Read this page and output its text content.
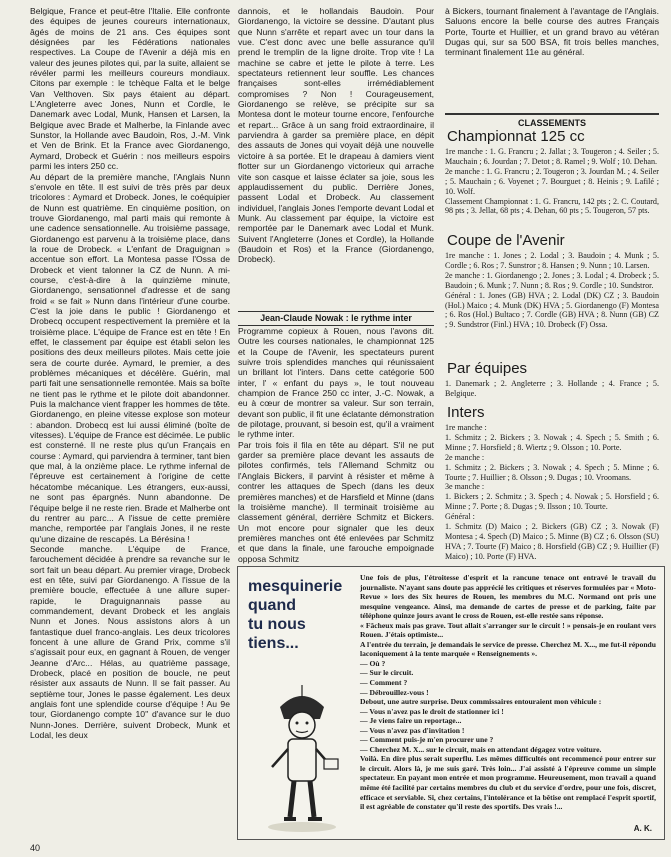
Belgique, France et peut-être l'Italie. Elle confronte des équipes de jeunes coureurs internationaux, âgés de moins de 21 ans. Ces équipes sont désignées par les Fédérations nationales respectives. La Coupe de l'Avenir a déjà mis en valeur des jeunes pilotes qui, par la suite, allaient se révéler parmi les meilleurs coureurs mondiaux. Citons par exemple : le tchèque Falta et le belge Van Velthoven. Six pays étaient au départ. L'Angleterre avec Jones, Nunn et Cordle, le Danemark avec Lodal, Munk, Hansen et Larsen, la Belgique avec Brade et Malherbe, la Finlande avec Sunstor, la Hollande avec Baudoin, Ros, J.-M. Vink et Ven de Brink. Et la France avec Giordanengo, Aymard, Drobeck et Guérin : nos meilleurs espoirs parmi les inters 250 cc.
Au départ de la première manche, l'Anglais Nunn s'envole en tête. Il est suivi de très près par deux tricolores : Aymard et Drobeck. Jones, le coéquipier de Nunn est quatrième. En cinquième position, on trouve Giordanengo, mal parti mais qui remonte à une cadence sensationnelle. Au troisième passage, Giordanengo est parvenu à la troisième place, dans la roue de Drobeck. « L'enfant de Draguignan » accentue son effort. La Montesa passe l'Ossa de Drobeck et vient talonner la CZ de Nunn. A mi-course, c'est-à-dire à la quinzième minute, Giordanengo, sensationnel d'adresse et de sang froid « se fait » Nunn dans l'intérieur d'une courbe. C'est la joie dans le public ! Giordanengo et Drobecq occupent respectivement la première et la troisième place. L'équipe de France est en tête ! En effet, le classement par équipe est établi selon les positions des deux meilleurs pilotes. Mais cette joie sera de courte durée. Aymard, le premier, a des problèmes mécaniques et décélère. Guérin, mal parti fait une sensationnelle remontée. Mais sa boîte ne tient pas le rythme et le pilote doit abandonner. Puis la malchance vient frapper les hommes de tête. Giordanengo, en pleine vitesse explose son moteur : abandon. Drobecq est lui aussi éliminé (boîte de vitesses). L'équipe de France est décimée. Le public est consterné. Il ne reste plus qu'un Français en course : Aymard, qui parviendra à terminer, tant bien que mal, à la onzième place. Le rythme infernal de l'épreuve est certainement à l'origine de cette hécatombe mécanique. Les étrangers, eux-aussi, ne sont pas épargnés. Nunn abandonne. De l'équipe belge il ne reste rien. Brade et Malherbe ont du rentrer au parc... A l'issue de cette première manche, remportée par l'anglais Jones, il ne reste qu'une dizaine de rescapés. La Bérésina !
Seconde manche. L'équipe de France, farouchement décidée à prendre sa revanche sur le sort fait un beau départ. Au premier virage, Drobeck est en tête, suivi par Giordanengo. A l'issue de la première boucle, effectuée à une allure super-rapide, le Draguignannais passe au commandement, devant Drobeck et les anglais Nunn et Jones. Nous assistons alors à un fantastique duel franco-anglais. Les deux tricolores foncent à une allure de Grand Prix, comme s'il s'agissait pour eux, en gagnant à Rouen, de venger Jeanne d'Arc... Hélas, au quatrième passage, Drobeck, placé en position de boucle, ne peut résister aux assauts de Nunn. Il se fait passer. Au septième tour, Jones le passe également. Les deux anglais font une splendide course d'équipe ! Au 9e tour, Giordanengo compte 10'' d'avance sur le duo Nunn-Jones. Derrière, suivent Drobeck, Munk et Lodal, les deux
dannois, et le hollandais Baudoin. Pour Giordanengo, la victoire se dessine. D'autant plus que Nunn s'arrête et repart avec un tour dans la vue. C'est donc avec une belle assurance qu'il prend le tremplin de la ligne droite. Trop vite ! La machine se cabre et jette le pilote à terre. Les spectateurs retiennent leur souffle. Les chances françaises sont-elles irrémédiablement compromises ? Non ! Courageusement, Giordanengo se relève, se précipite sur sa Montesa dont le moteur tourne encore, l'enfourche et repart... Grâce à un sang froid extraordinaire, il parviendra à garder sa première place, en dépit des assauts de Jones qui voyait déjà une nouvelle victoire à sa portée. Et le drapeau à damiers vient flotter sur un Giordanengo victorieux qui arrache vite son casque et laisse éclater sa joie, sous les applaudissement du public. Derrière Jones, passent Lodal et Drobeck. Au classement individuel, l'anglais Jones l'emporte devant Lodal et Munk. Au classement par équipe, la victoire est remportée par le Danemark avec Lodal et Munk. Suivent l'Angleterre (Jones et Cordle), la Hollande (Baudoin et Ros) et la France (Giordanengo, Drobeck).
Jean-Claude Nowak : le rythme inter
Programme copieux à Rouen, nous l'avons dit. Outre les courses nationales, le championnat 125 et la Coupe de l'Avenir, les spectateurs purent suivre trois splendides manches qui réunissaient un brillant lot l'inters. Dans cette catégorie 500 inter, l' « enfant du pays », le tout nouveau champion de France 250 cc inter, J.-C. Nowak, a eu à cœur de montrer sa valeur. Sur son terrain, devant son public, il fit une éclatante démonstration de pilotage, prouvant, si besoin est, qu'il a vraiment le rythme inter.
Par trois fois il fila en tête au départ. S'il ne put garder sa première place devant les assauts de pilotes confirmés, tels l'Allemand Schmitz ou l'Anglais Bickers, il parvint à résister et même à contrer les attaques de Spech (dans les deux premières manches) et de Harsfield et Minne (dans la troisième manche). Il terminait troisième au classement général, derrière Schmitz et Bickers. Un mot encore pour signaler que les deux premières manches ont été enlevées par Schmitz et que dans la finale, une farouche empoignade opposa Schmitz
à Bickers, tournant finalement à l'avantage de l'Anglais. Saluons encore la belle course des autres Français Porte, Tourte et Huillier, et un grand bravo au vétéran Dugas qui, sur sa 500 BSA, fit trois belles manches, terminant finalement 11e au général.
CLASSEMENTS
Championnat 125 cc
1re manche : 1. G. Francru ; 2. Jallat ; 3. Tougeron ; 4. Seiler ; 5. Mauchain ; 6. Jourdan ; 7. Detot ; 8. Ramel ; 9. Wolf ; 10. Dehan.
2e manche : 1. G. Francru ; 2. Tougeron ; 3. Jourdan M. ; 4. Seiler ; 5. Mauchain ; 6. Voyenet ; 7. Bourguet ; 8. Heinis ; 9. Lafilé ; 10. Wolf.
Classement Championnat : 1. G. Francru, 142 pts ; 2. C. Coutard, 98 pts ; 3. Jellat, 68 pts ; 4. Dehan, 60 pts ; 5. Tougeron, 57 pts.
Coupe de l'Avenir
1re manche : 1. Jones ; 2. Lodal ; 3. Baudoin ; 4. Munk ; 5. Cordle ; 6. Ros ; 7. Sunstror ; 8. Hansen ; 9. Nunn ; 10. Larsen.
2e manche : 1. Giordanengo ; 2. Jones ; 3. Lodal ; 4. Drobeck ; 5. Baudoin ; 6. Munk ; 7. Nunn ; 8. Ros ; 9. Cordle ; 10. Sundstror.
Général : 1. Jones (GB) HVA ; 2. Lodal (DK) CZ ; 3. Baudoin (Hol.) Maico ; 4. Munk (DK) HVA ; 5. Giordanengo (F) Montesa ; 6. Ros (Hol.) Bultaco ; 7. Cordle (GB) HVA ; 8. Nunn (GB) CZ ; 9. Sundstror (Finl.) HVA ; 10. Drobeck (F) Ossa.
Par équipes
1. Danemark ; 2. Angleterre ; 3. Hollande ; 4. France ; 5. Belgique.
Inters
1re manche :
1. Schmitz ; 2. Bickers ; 3. Nowak ; 4. Spech ; 5. Smith ; 6. Minne ; 7. Horsfield ; 8. Wiertz ; 9. Olsson ; 10. Porte.
2e manche :
1. Schmitz ; 2. Bickers ; 3. Nowak ; 4. Spech ; 5. Minne ; 6. Tourte ; 7. Huillier ; 8. Olsson ; 9. Dugas ; 10. Vroomans.
3e manche :
1. Bickers ; 2. Schmitz ; 3. Spech ; 4. Nowak ; 5. Horsfield ; 6. Minne ; 7. Porte ; 8. Dugas ; 9. Ilsson ; 10. Tourte.
Général :
1. Schmitz (D) Maico ; 2. Bickers (GB) CZ ; 3. Nowak (F) Montesa ; 4. Spech (D) Maico ; 5. Minne (B) CZ ; 6. Olsson (SU) HVA ; 7. Tourte (F) Maico ; 8. Horsfield (GB) CZ ; 9. Huillier (F) Maico) ; 10. Porte (F) HVA.
mesquinerie
quand
tu nous
tiens...
Une fois de plus, l'étroitesse d'esprit et la rancune tenace ont entravé le travail du journaliste. N'ayant sans doute pas apprécié les critiques et réserves formulées par « Moto-Revue » lors des Six heures de Rouen, les membres du M.C. Normand ont pris une mesquine vengeance. Ainsi, ma demande de cartes de presse et de parking, faite par téléphone quinze jours avant le cross de Rouen, est-elle restée sans réponse.
« Fâcheux mais pas grave. Tout allait s'arranger sur le circuit ! » pensais-je en roulant vers Rouen. J'étais optimiste...
A l'entrée du terrain, je demandais le service de presse. Cherchez M. X..., me fut-il répondu laconiquement à la tente marquée « Renseignements ».
— Où ?
— Sur le circuit.
— Comment ?
— Débrouillez-vous !
Debout, une autre surprise. Deux commissaires entouraient mon véhicule :
— Vous n'avez pas le droit de stationner ici !
— Je viens faire un reportage...
— Vous n'avez pas d'invitation !
— Comment puis-je m'en procurer une ?
— Cherchez M. X... sur le circuit, mais en attendant dégagez votre voiture.
Voilà. En dire plus serait superflu. Les mêmes difficultés ont recommencé pour entrer sur le circuit. Alors là, je me suis garé. Très loin... J'ai assisté à l'épreuve comme un simple spectateur. En payant mon entrée et mon programme. Heureusement, mon travail a quand même été facilité par certains membres du club et du service d'ordre, pour une fois, discret, efficace et serviable. Si, chez certains, l'intolérance et la bêtise ont remplacé l'esprit sportif, il est agréable de constater qu'il reste des sportifs. Des vrais !...
A. K.
40
